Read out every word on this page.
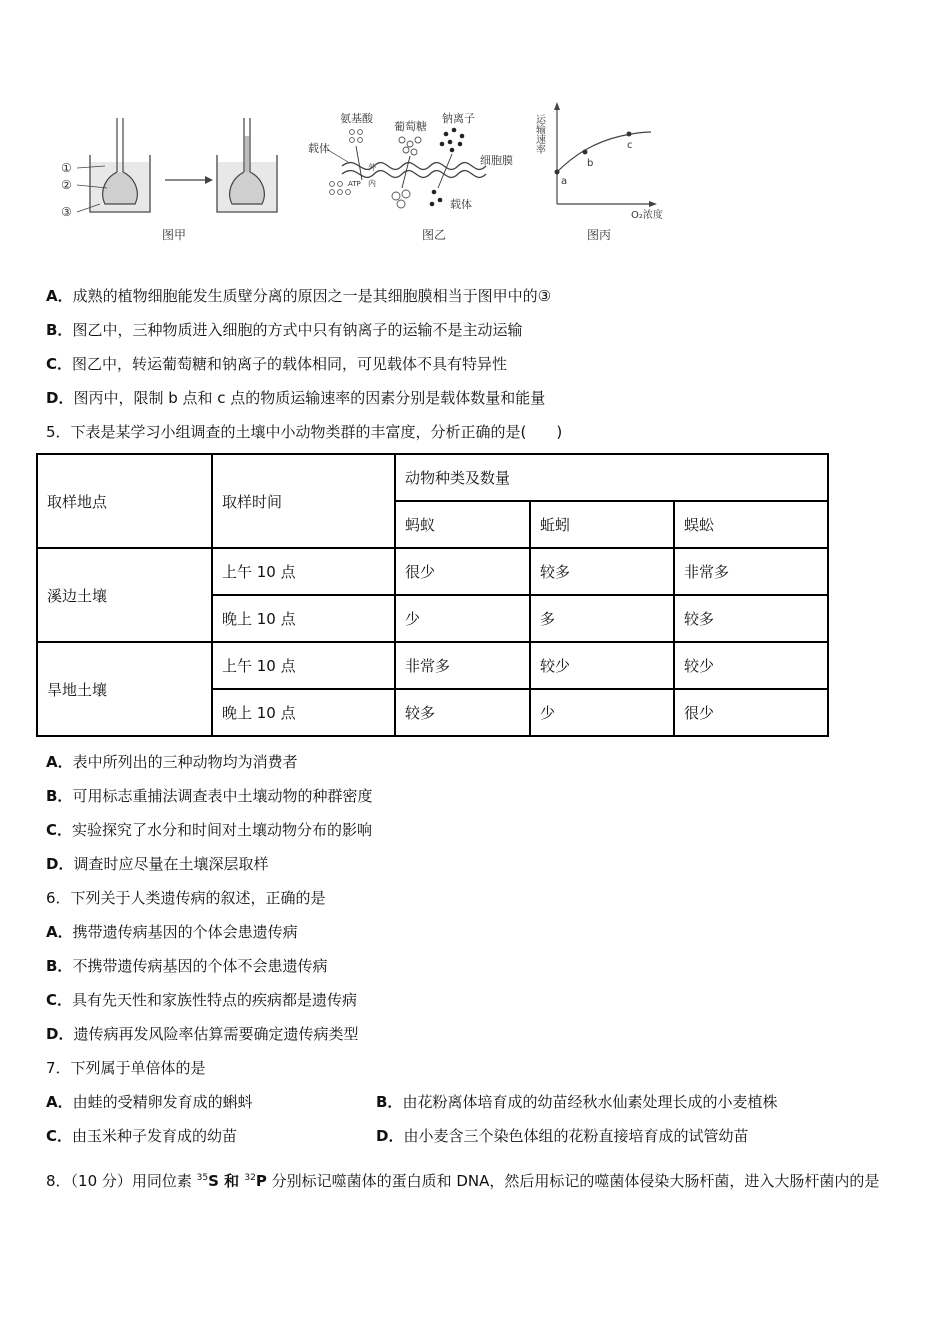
①
②
③
图甲
氨基酸
葡萄糖
钠离子
载体
细胞膜
载体
外
内
ATP
图乙
a
b
c
运输速率
O₂浓度
图丙
A．成熟的植物细胞能发生质壁分离的原因之一是其细胞膜相当于图甲中的③
B．图乙中，三种物质进入细胞的方式中只有钠离子的运输不是主动运输
C．图乙中，转运葡萄糖和钠离子的载体相同，可见载体不具有特异性
D．图丙中，限制 b 点和 c 点的物质运输速率的因素分别是载体数量和能量
5．下表是某学习小组调查的土壤中小动物类群的丰富度，分析正确的是(　　)
取样地点	取样时间	动物种类及数量		
		蚂蚁	蚯蚓	蜈蚣
溪边土壤	上午 10 点	很少	较多	非常多
	晚上 10 点	少	多	较多
旱地土壤	上午 10 点	非常多	较少	较少
	晚上 10 点	较多	少	很少
A．表中所列出的三种动物均为消费者
B．可用标志重捕法调查表中土壤动物的种群密度
C．实验探究了水分和时间对土壤动物分布的影响
D．调查时应尽量在土壤深层取样
6．下列关于人类遗传病的叙述，正确的是
A．携带遗传病基因的个体会患遗传病
B．不携带遗传病基因的个体不会患遗传病
C．具有先天性和家族性特点的疾病都是遗传病
D．遗传病再发风险率估算需要确定遗传病类型
7．下列属于单倍体的是
A．由蛙的受精卵发育成的蝌蚪	B．由花粉离体培育成的幼苗经秋水仙素处理长成的小麦植株
C．由玉米种子发育成的幼苗	D．由小麦含三个染色体组的花粉直接培育成的试管幼苗
8．（10 分）用同位素 $^{35}$S 和 $^{32}$P 分别标记噬菌体的蛋白质和 DNA，然后用标记的噬菌体侵染大肠杆菌，进入大肠杆菌内的是
